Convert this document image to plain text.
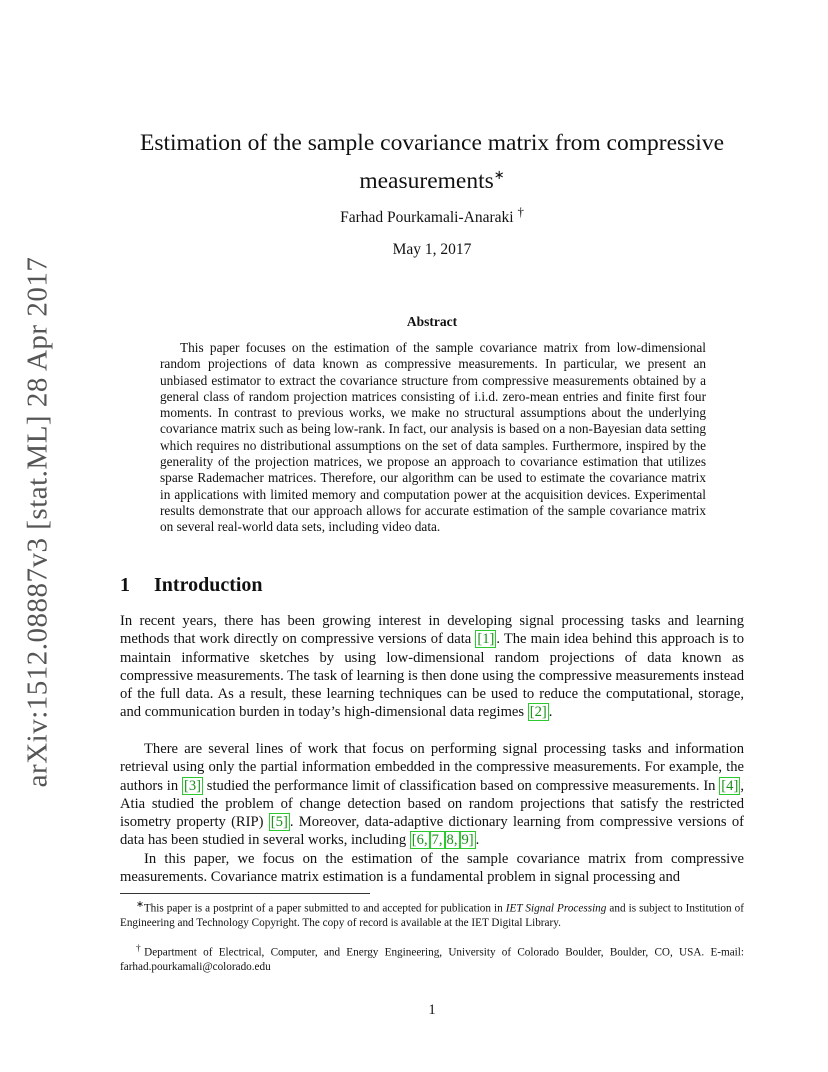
arXiv:1512.08887v3 [stat.ML] 28 Apr 2017
Estimation of the sample covariance matrix from compressive
measurements∗
Farhad Pourkamali-Anaraki †
May 1, 2017
Abstract

This paper focuses on the estimation of the sample covariance matrix from low-dimensional random projections of data known as compressive measurements. In particular, we present an unbiased estimator to extract the covariance structure from compressive measurements obtained by a general class of random projection matrices consisting of i.i.d. zero-mean entries and finite first four moments. In contrast to previous works, we make no structural assumptions about the underlying covariance matrix such as being low-rank. In fact, our analysis is based on a non-Bayesian data setting which requires no distributional assumptions on the set of data samples. Furthermore, inspired by the generality of the projection matrices, we propose an approach to covariance estimation that utilizes sparse Rademacher matrices. Therefore, our algorithm can be used to estimate the covariance matrix in applications with limited memory and computation power at the acquisition devices. Experimental results demonstrate that our approach allows for accurate estimation of the sample covariance matrix on several real-world data sets, including video data.

1 Introduction

In recent years, there has been growing interest in developing signal processing tasks and learning methods that work directly on compressive versions of data [1] . The main idea behind this approach is to maintain informative sketches by using low-dimensional random projections of data known as compressive measurements. The task of learning is then done using the compressive measurements instead of the full data. As a result, these learning techniques can be used to reduce the computational, storage, and communication burden in today’s high-dimensional data regimes [2] .

There are several lines of work that focus on performing signal processing tasks and information retrieval using only the partial information embedded in the compressive measurements. For example, the authors in [3] studied the performance limit of classification based on compressive measurements. In [4] , Atia studied the problem of change detection based on random projections that satisfy the restricted isometry property (RIP) [5] . Moreover, data-adaptive dictionary learning from compressive versions of data has been studied in several works, including [6, 7, 8, 9] .

In this paper, we focus on the estimation of the sample covariance matrix from compressive measurements. Covariance matrix estimation is a fundamental problem in signal processing and

∗This paper is a postprint of a paper submitted to and accepted for publication in IET Signal Processing and is subject to Institution of Engineering and Technology Copyright. The copy of record is available at the IET Digital Library.

†Department of Electrical, Computer, and Energy Engineering, University of Colorado Boulder, Boulder, CO, USA. E-mail: farhad.pourkamali@colorado.edu

1
